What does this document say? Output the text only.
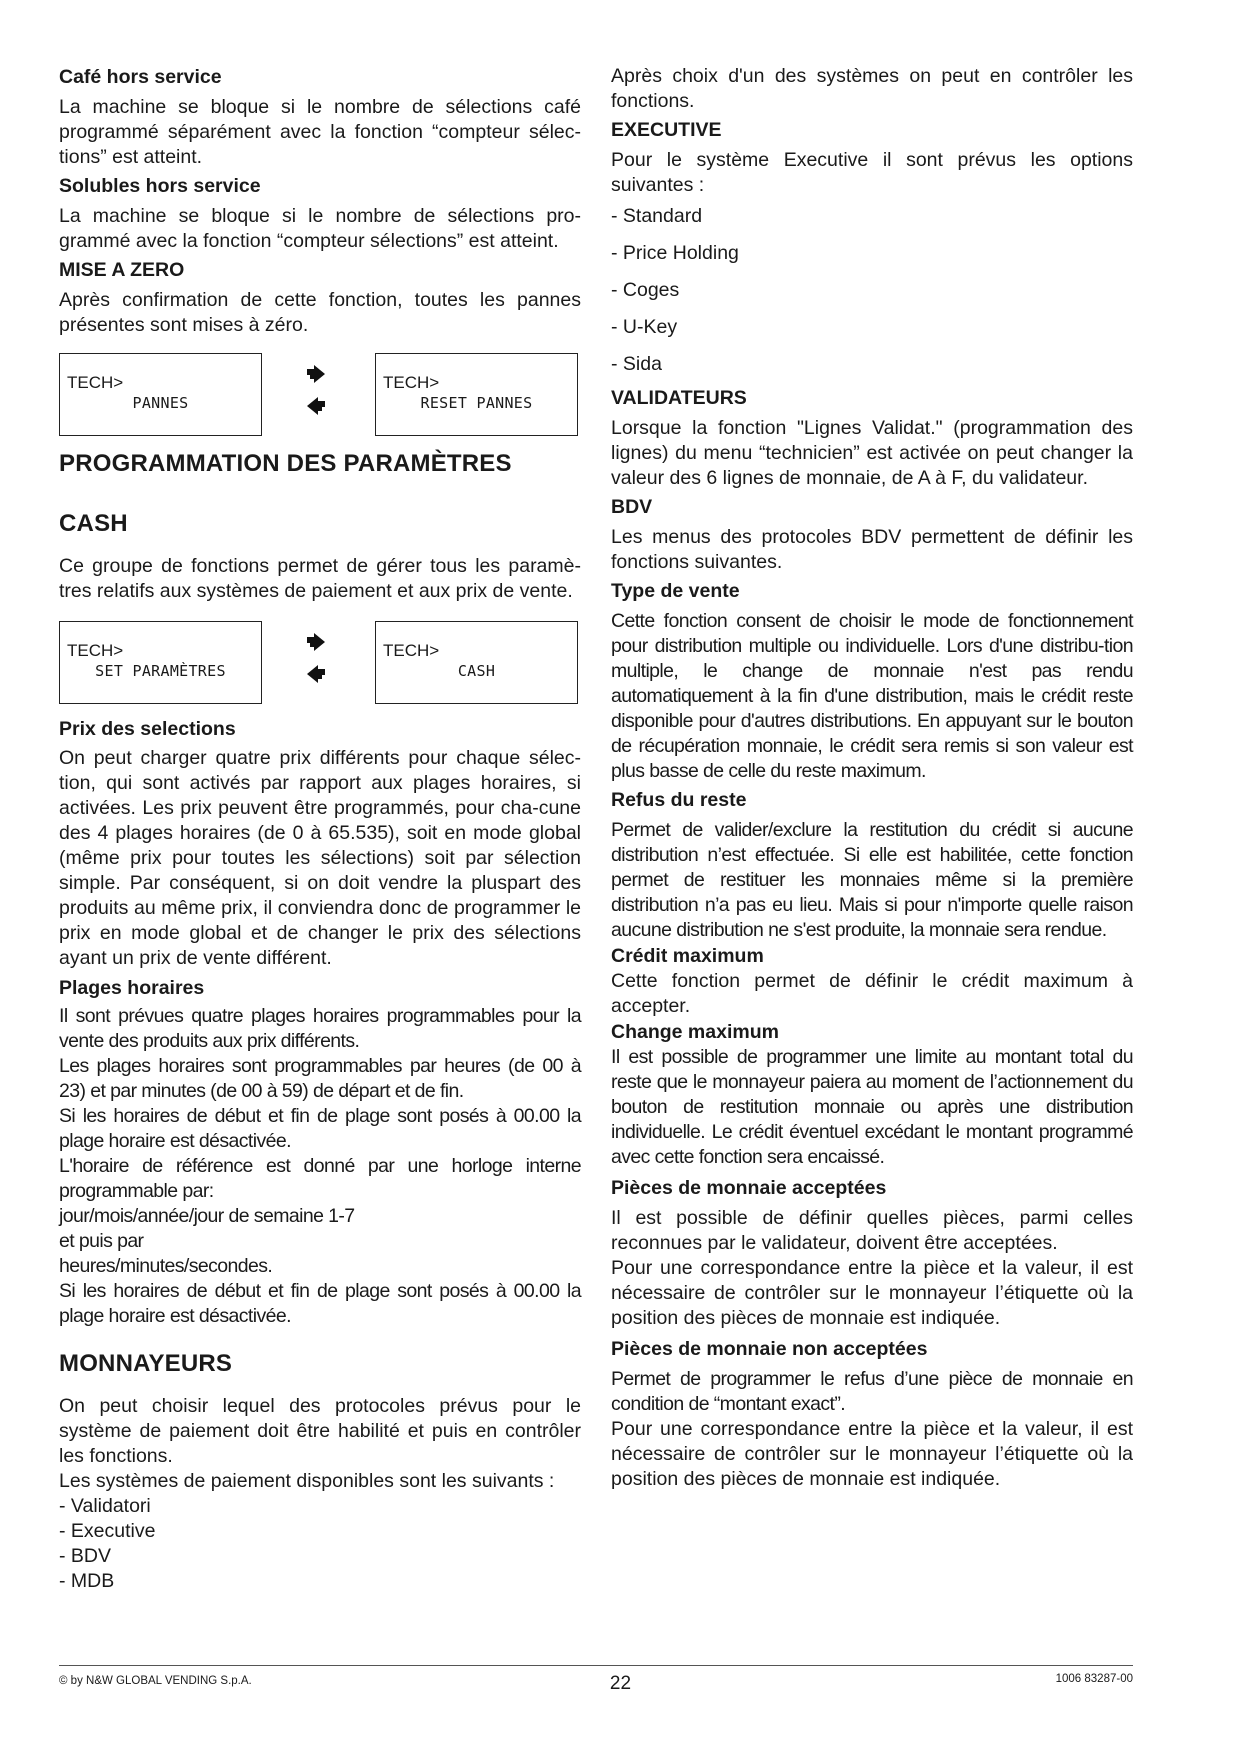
Café hors service

La machine se bloque si le nombre de sélections café programmé séparément avec la fonction “compteur sélec-tions” est atteint.

Solubles hors service

La machine se bloque si le nombre de sélections pro-grammé avec la fonction “compteur sélections” est atteint.

MISE A ZERO

Après confirmation de cette fonction, toutes les pannes présentes sont mises à zéro.

TECH>
PANNES
TECH>
RESET PANNES

PROGRAMMATION DES PARAMÈTRES

CASH

Ce groupe de fonctions permet de gérer tous les paramè-tres relatifs aux systèmes de paiement et aux prix de vente.

TECH>
SET PARAMÈTRES
TECH>
CASH

Prix des selections

On peut charger quatre prix différents pour chaque sélec-tion, qui sont activés par rapport aux plages horaires, si activées. Les prix peuvent être programmés, pour cha-cune des 4 plages horaires (de 0 à 65.535), soit en mode global (même prix pour toutes les sélections) soit par sélection simple. Par conséquent, si on doit vendre la pluspart des produits au même prix, il conviendra donc de programmer le prix en mode global et de changer le prix des sélections ayant un prix de vente différent.

Plages horaires

Il sont prévues quatre plages horaires programmables pour la vente des produits aux prix différents.

Les plages horaires sont programmables par heures (de 00 à 23) et par minutes (de 00 à 59) de départ et de fin.

Si les horaires de début et fin de plage sont posés à 00.00 la plage horaire est désactivée.

L'horaire de référence est donné par une horloge interne programmable par:

jour/mois/année/jour de semaine 1-7

et puis par

heures/minutes/secondes.

Si les horaires de début et fin de plage sont posés à 00.00 la plage horaire est désactivée.

MONNAYEURS

On peut choisir lequel des protocoles prévus pour le système de paiement doit être habilité et puis en contrôler les fonctions.

Les systèmes de paiement disponibles sont les suivants :

- Validatori

- Executive

- BDV

- MDB

Après choix d'un des systèmes on peut en contrôler les fonctions.

EXECUTIVE

Pour le système Executive il sont prévus les options suivantes :

- Standard

- Price Holding

- Coges

- U-Key

- Sida

VALIDATEURS

Lorsque la fonction "Lignes Validat." (programmation des lignes) du menu “technicien” est activée on peut changer la valeur des 6 lignes de monnaie, de A à F, du validateur.

BDV

Les menus des protocoles BDV permettent de définir les fonctions suivantes.

Type de vente

Cette fonction consent de choisir le mode de fonctionnement pour distribution multiple ou individuelle. Lors d'une distribu-tion multiple, le change de monnaie n'est pas rendu automatiquement à la fin d'une distribution, mais le crédit reste disponible pour d'autres distributions. En appuyant sur le bouton de récupération monnaie, le crédit sera remis si son valeur est plus basse de celle du reste maximum.

Refus du reste

Permet de valider/exclure la restitution du crédit si aucune distribution n’est effectuée. Si elle est habilitée, cette fonction permet de restituer les monnaies même si la première distribution n’a pas eu lieu. Mais si pour n'importe quelle raison aucune distribution ne s'est produite, la monnaie sera rendue.

Crédit maximum

Cette fonction permet de définir le crédit maximum à accepter.

Change maximum

Il est possible de programmer une limite au montant total du reste que le monnayeur paiera au moment de l’actionnement du bouton de restitution monnaie ou après une distribution individuelle. Le crédit éventuel excédant le montant programmé avec cette fonction sera encaissé.

Pièces de monnaie acceptées

Il est possible de définir quelles pièces, parmi celles reconnues par le validateur, doivent être acceptées.

Pour une correspondance entre la pièce et la valeur, il est nécessaire de contrôler sur le monnayeur l’étiquette où la position des pièces de monnaie est indiquée.

Pièces de monnaie non acceptées

Permet de programmer le refus d’une pièce de monnaie en condition de “montant exact”.

Pour une correspondance entre la pièce et la valeur, il est nécessaire de contrôler sur le monnayeur l’étiquette où la position des pièces de monnaie est indiquée.

© by N&W GLOBAL VENDING S.p.A.	22	1006 83287-00
